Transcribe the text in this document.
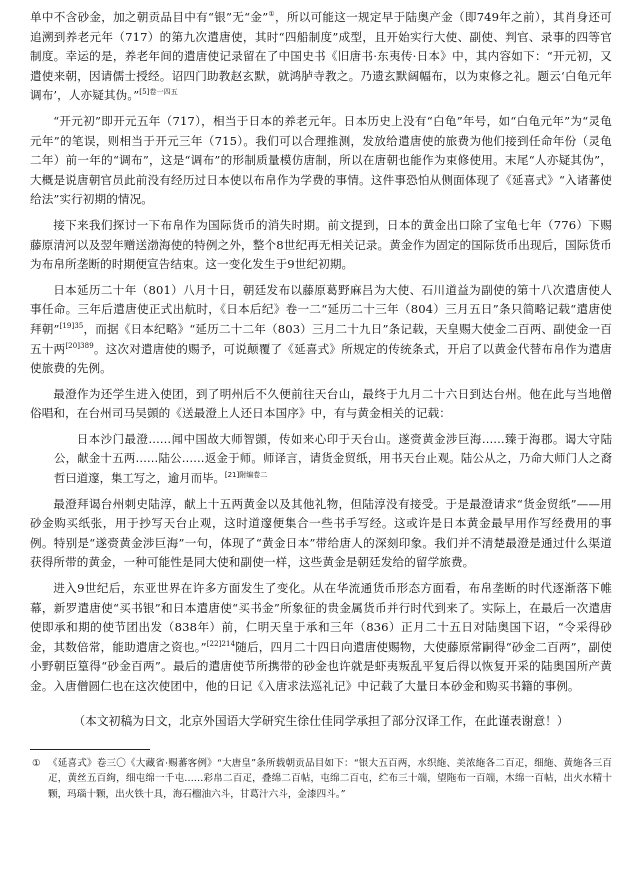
单中不含砂金，加之朝贡品目中有“银”无“金”①，所以可能这一规定早于陆奥产金（即749年之前），其肖身还可追溯到养老元年（717）的第九次遣唐使，其时“四船制度”成型，且开始实行大使、副使、判官、录事的四等官制度。幸运的是，养老年间的遣唐使记录留在了中国史书《旧唐书·东夷传·日本》中，其内容如下：“开元初，又遣使来朝，因请儒士授经。诏四门助教赵玄默，就鸿胪寺教之。乃遗玄默阔幅布，以为束修之礼。题云‘白龟元年调布’，人亦疑其伪。”$^{[5]卷一四五}$

“开元初”即开元五年（717），相当于日本的养老元年。日本历史上没有“白龟”年号，如“白龟元年”为“灵龟元年”的笔误，则相当于开元三年（715）。我们可以合理推测，发放给遣唐使的旅费为他们接到任命年份（灵龟二年）前一年的“调布”，这是“调布”的形制质量模仿唐制，所以在唐朝也能作为束修使用。末尾“人亦疑其伪”，大概是说唐朝官员此前没有经历过日本使以布帛作为学费的事情。这件事恐怕从侧面体现了《延喜式》“入诸蕃使给法”实行初期的情况。

接下来我们探讨一下布帛作为国际货币的消失时期。前文提到，日本的黄金出口除了宝龟七年（776）下赐藤原清河以及翌年赠送渤海使的特例之外，整个8世纪再无相关记录。黄金作为固定的国际货币出现后，国际货币为布帛所垄断的时期便宣告结束。这一变化发生于9世纪初期。

日本延历二十年（801）八月十日，朝廷发布以藤原葛野麻吕为大使、石川道益为副使的第十八次遣唐使人事任命。三年后遣唐使正式出航时，《日本后纪》卷一二“延历二十三年（804）三月五日”条只简略记载“遣唐使拜朝”$^{[19]35}$，而据《日本纪略》“延历二十二年（803）三月二十九日”条记载，天皇赐大使金二百两、副使金一百五十两$^{[20]389}$。这次对遣唐使的赐予，可说颠覆了《延喜式》所规定的传统条式，开启了以黄金代替布帛作为遣唐使旅费的先例。

最澄作为还学生进入使团，到了明州后不久便前往天台山，最终于九月二十六日到达台州。他在此与当地僧俗唱和，在台州司马吴顗的《送最澄上人还日本国序》中，有与黄金相关的记载：

日本沙门最澄……闻中国故大师智顗，传如来心印于天台山。遂赍黄金涉巨海……臻于海郡。谒大守陆公，献金十五两……陆公……返金于师。师译言，请货金贸纸，用书天台止观。陆公从之，乃命大师门人之裔哲曰道邃，集工写之，逾月而毕。$^{[21]附编卷二}$

最澄拜谒台州刺史陆淳，献上十五两黄金以及其他礼物，但陆淳没有接受。于是最澄请求“货金贸纸”——用砂金购买纸张，用于抄写天台止观，这时道邃便集合一些书手写经。这或许是日本黄金最早用作写经费用的事例。特别是“遂赍黄金涉巨海”一句，体现了“黄金日本”带给唐人的深刻印象。我们并不清楚最澄是通过什么渠道获得所带的黄金，一种可能性是同大使和副使一样，这些黄金是朝廷发给的留学旅费。

进入9世纪后，东亚世界在许多方面发生了变化。从在华流通货币形态方面看，布帛垄断的时代逐渐落下帷幕，新罗遣唐使“买书银”和日本遣唐使“买书金”所象征的贵金属货币并行时代到来了。实际上，在最后一次遣唐使即承和期的使节团出发（838年）前，仁明天皇于承和三年（836）正月二十五日对陆奥国下诏，“令采得砂金，其数倍常，能助遣唐之资也。”$^{[22]214}$随后，四月二十四日向遣唐使赐物，大使藤原常嗣得“砂金二百两”，副使小野朝臣篁得“砂金百两”。最后的遣唐使节所携带的砂金也许就是虾夷叛乱平复后得以恢复开采的陆奥国所产黄金。入唐僧圆仁也在这次使团中，他的日记《入唐求法巡礼记》中记载了大量日本砂金和购买书籍的事例。

（本文初稿为日文，北京外国语大学研究生徐仕佳同学承担了部分汉译工作，在此谨表谢意！）

① 《延喜式》卷三〇《大藏省·赐蕃客例》“大唐皇”条所载朝贡品目如下：“银大五百两，水织絁、美浓絁各二百疋，细絁、黄絁各三百疋，黄丝五百絇，细屯绵一千屯……彩帛二百疋，叠绵二百帖，屯绵二百屯，纻布三十端，望陁布一百端，木绵一百帖，出火水精十颗，玛瑙十颗，出火铁十具，海石榴油六斗，甘葛汁六斗，金漆四斗。”
